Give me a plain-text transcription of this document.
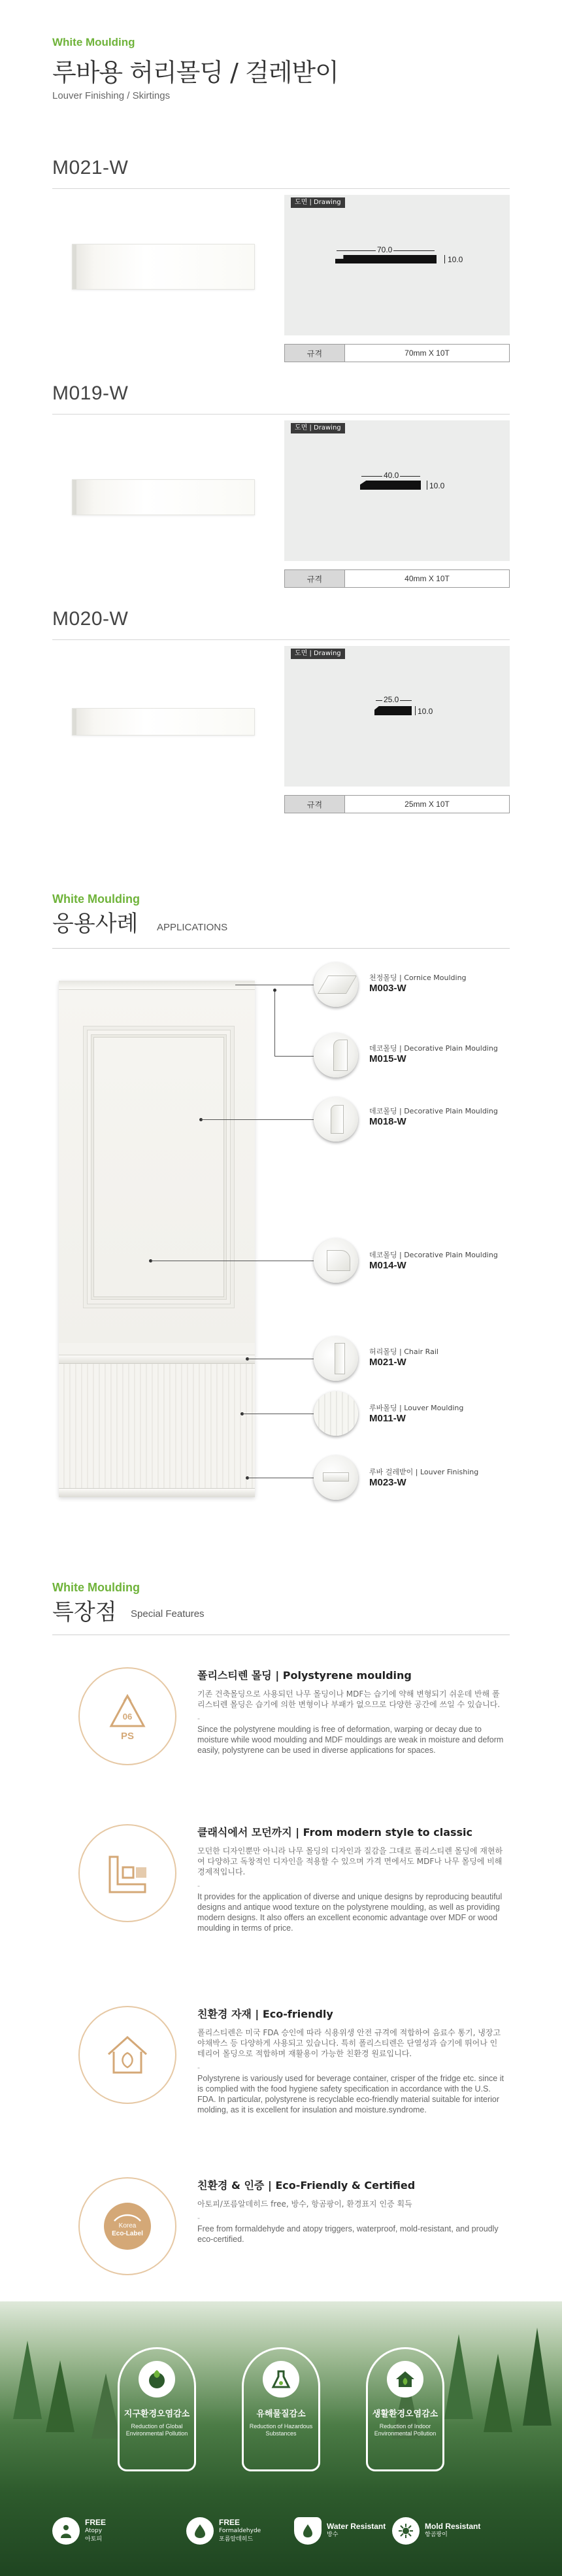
White Moulding
루바용 허리몰딩 / 걸레받이
Louver Finishing / Skirtings
M021-W
도면 | Drawing
70.0
10.0
규격	70mm X 10T
M019-W
도면 | Drawing
40.0
10.0
규격	40mm X 10T
M020-W
도면 | Drawing
25.0
10.0
규격	25mm X 10T
White Moulding
응용사례 APPLICATIONS
천정몰딩 | Cornice Moulding
M003-W
데코몰딩 | Decorative Plain Moulding
M015-W
데코몰딩 | Decorative Plain Moulding
M018-W
데코몰딩 | Decorative Plain Moulding
M014-W
허리몰딩 | Chair Rail
M021-W
루바몰딩 | Louver Moulding
M011-W
루바 걸레받이 | Louver Finishing
M023-W
White Moulding
특장점 Special Features
06
PS
폴리스티렌 몰딩 | Polystyrene moulding
기존 건축몰딩으로 사용되던 나무 몰딩이나 MDF는 습기에 약해 변형되기 쉬운데 반해 폴리스티렌 몰딩은 습기에 의한 변형이나 부패가 없으므로 다양한 공간에 쓰일 수 있습니다.
-
Since the polystyrene moulding is free of deformation, warping or decay due to moisture while wood moulding and MDF mouldings are weak in moisture and deform easily, polystyrene can be used in diverse applications for spaces.
클래식에서 모던까지 | From modern style to classic
모던한 디자인뿐만 아니라 나무 몰딩의 디자인과 질감을 그대로 폴리스티렌 몰딩에 재현하여 다양하고 독창적인 디자인을 적용할 수 있으며 가격 면에서도 MDF나 나무 몰딩에 비해 경제적입니다.
-
It provides for the application of diverse and unique designs by reproducing beautiful designs and antique wood texture on the polystyrene moulding, as well as providing modern designs. It also offers an excellent economic advantage over MDF or wood moulding in terms of price.
친환경 자재 | Eco-friendly
폴리스티렌은 미국 FDA 승인에 따라 식용위생 안전 규격에 적합하여 음료수 통기, 냉장고 야채박스 등 다양하게 사용되고 있습니다. 특히 폴리스티렌은 단열성과 습기에 뛰어나 인테리어 몰딩으로 적합하며 재활용이 가능한 친환경 원료입니다.
-
Polystyrene is variously used for beverage container, crisper of the fridge etc. since it is complied with the food hygiene safety specification in accordance with the U.S. FDA. In particular, polystyrene is recyclable eco-friendly material suitable for interior molding, as it is excellent for insulation and moisture.syndrome.
Korea
Eco-Label
친환경 & 인증 | Eco-Friendly & Certified
아토피/포름알데히드 free, 방수, 항곰팡이, 환경표지 인증 획득
-
Free from formaldehyde and atopy triggers, waterproof, mold-resistant, and proudly eco-certified.
지구환경오염감소
Reduction of Global Environmental Pollution
유해물질감소
Reduction of Hazardous Substances
생활환경오염감소
Reduction of Indoor Environmental Pollution
FREE
Atopy
아토피
FREE
Formaldehyde
포름알데히드
Water Resistant
방수
Mold Resistant
항곰팡이
